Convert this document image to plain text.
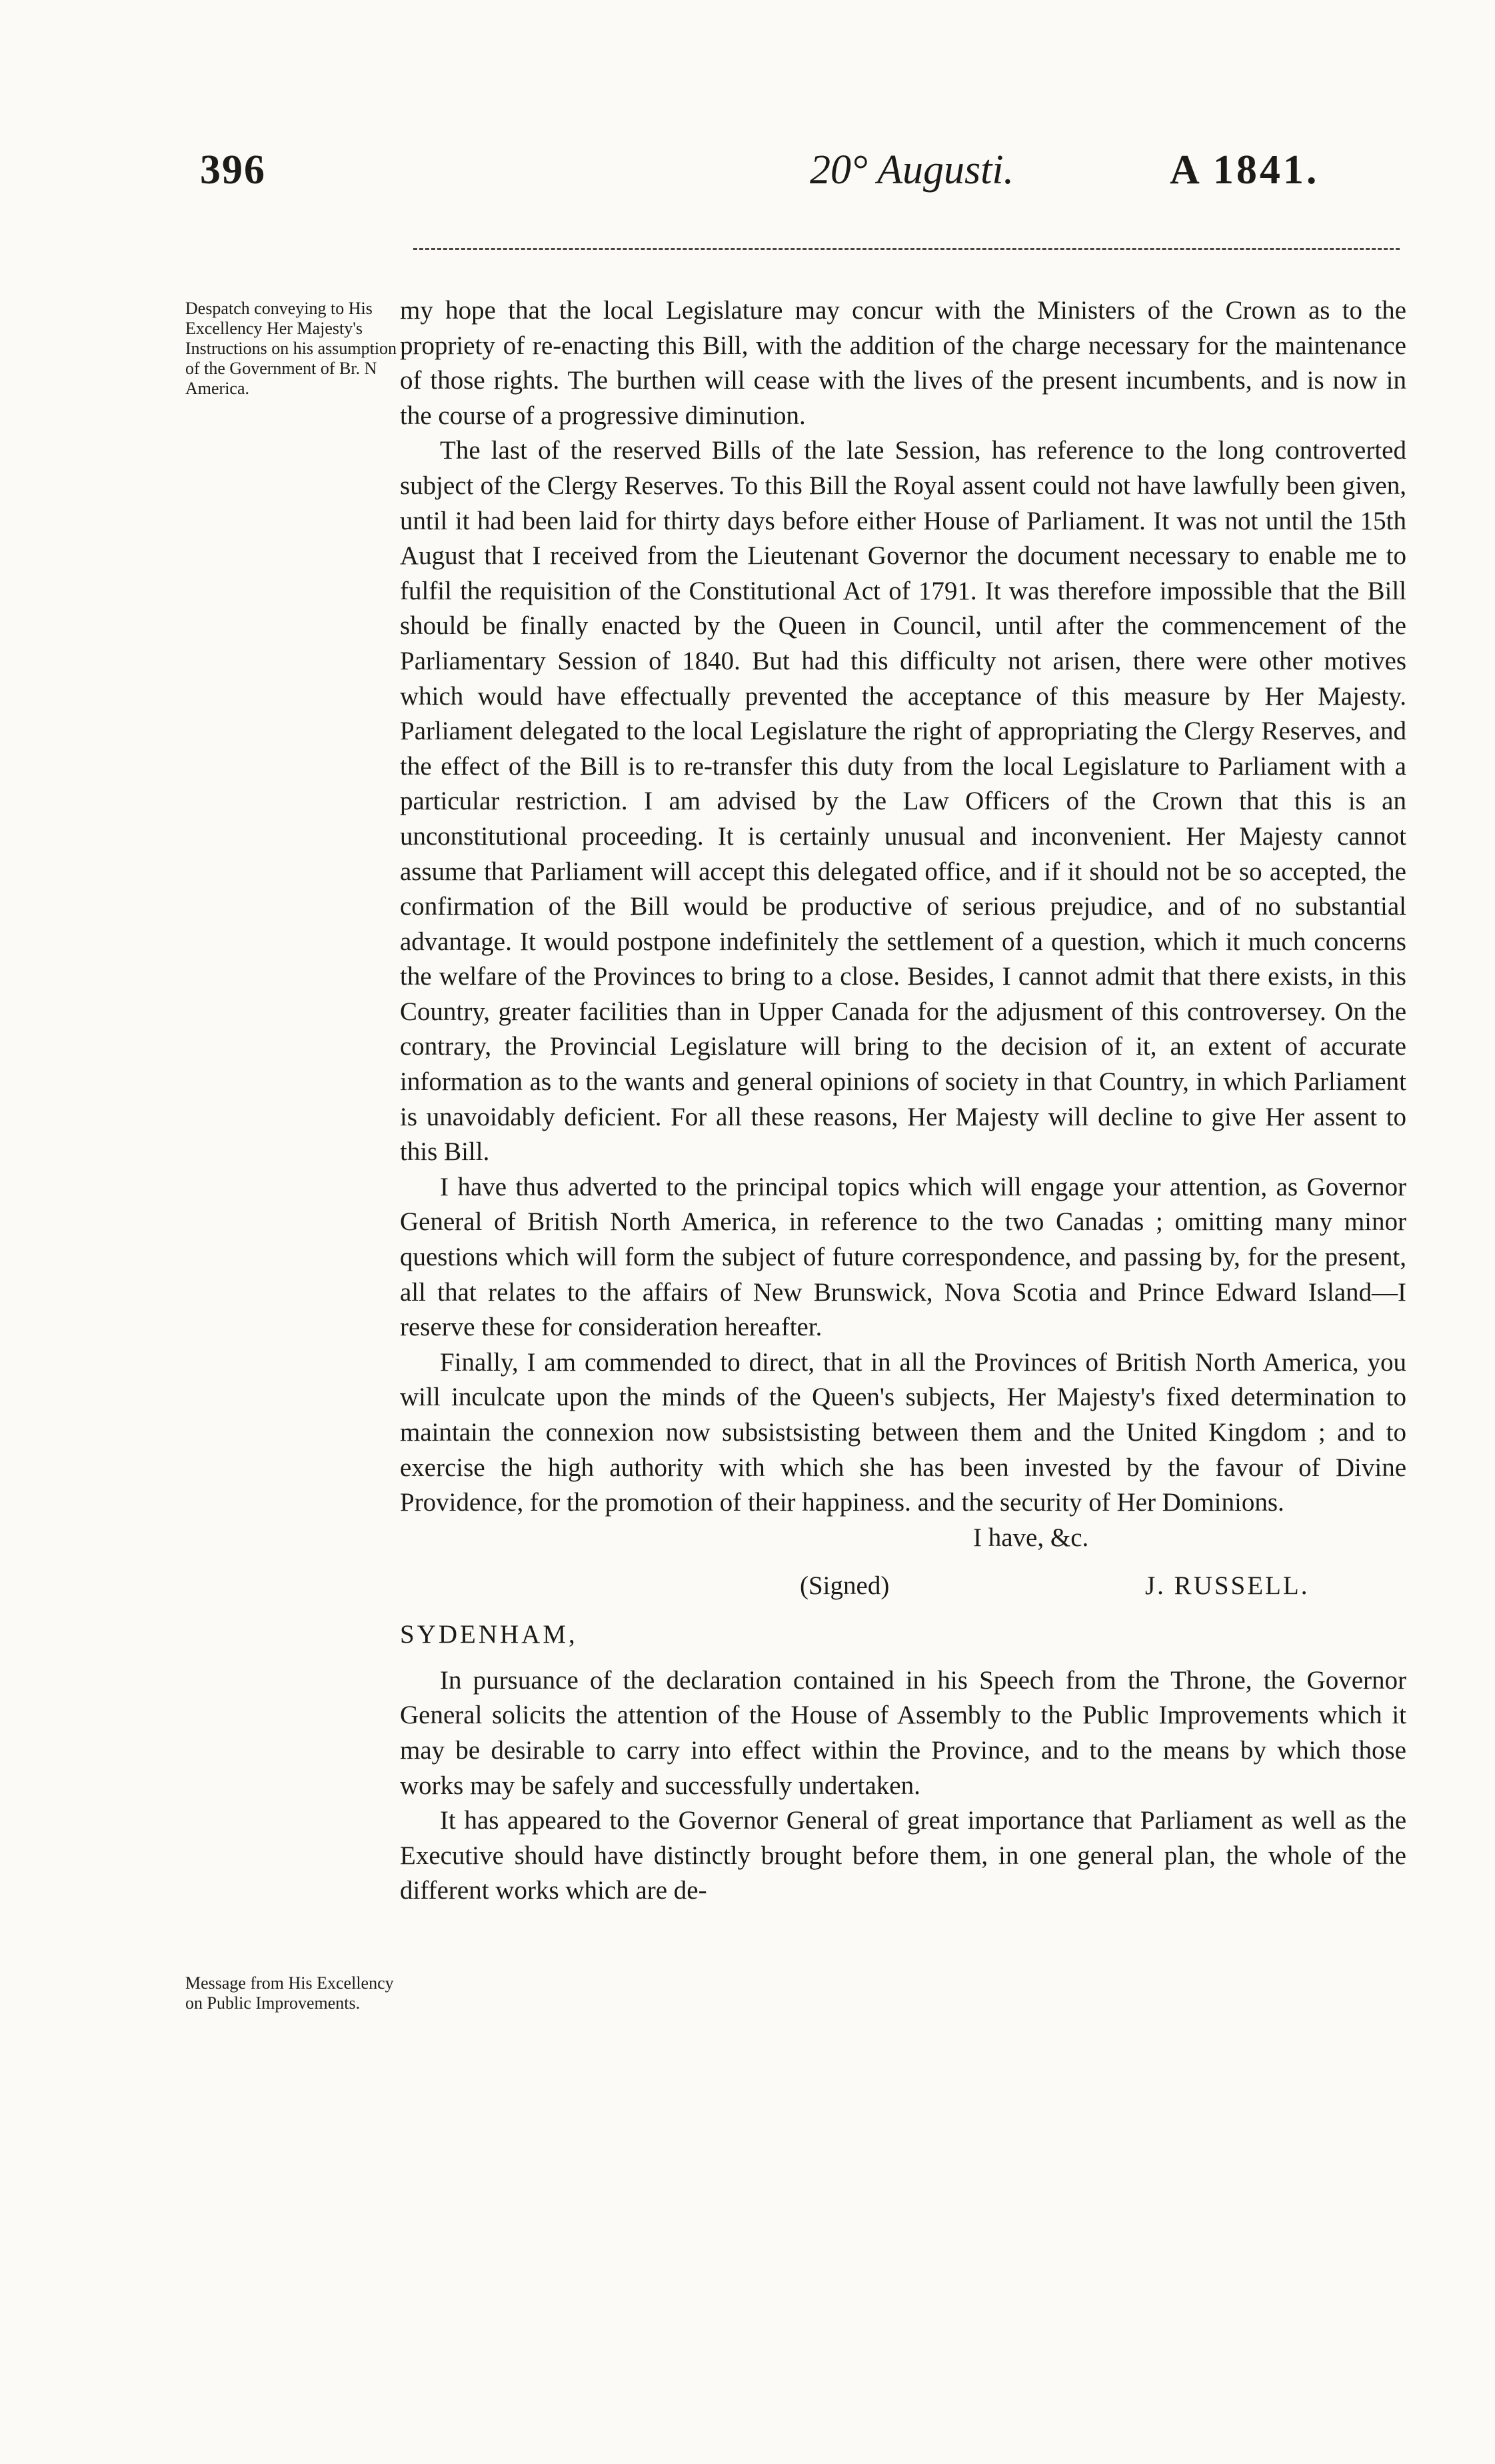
396	20° Augusti.	A 1841.
Despatch conveying to His Excellency Her Majesty's Instructions on his assumption of the Government of Br. N America.
Message from His Excellency on Public Improvements.

my hope that the local Legislature may concur with the Ministers of the Crown as to the propriety of re-enacting this Bill, with the addition of the charge necessary for the maintenance of those rights. The burthen will cease with the lives of the present incumbents, and is now in the course of a progressive diminution.

The last of the reserved Bills of the late Session, has reference to the long controverted subject of the Clergy Reserves. To this Bill the Royal assent could not have lawfully been given, until it had been laid for thirty days before either House of Parliament. It was not until the 15th August that I received from the Lieutenant Governor the document necessary to enable me to fulfil the requisition of the Constitutional Act of 1791. It was therefore impossible that the Bill should be finally enacted by the Queen in Council, until after the commencement of the Parliamentary Session of 1840. But had this difficulty not arisen, there were other motives which would have effectually prevented the acceptance of this measure by Her Majesty. Parliament delegated to the local Legislature the right of appropriating the Clergy Reserves, and the effect of the Bill is to re-transfer this duty from the local Legislature to Parliament with a particular restriction. I am advised by the Law Officers of the Crown that this is an unconstitutional proceeding. It is certainly unusual and inconvenient. Her Majesty cannot assume that Parliament will accept this delegated office, and if it should not be so accepted, the confirmation of the Bill would be productive of serious prejudice, and of no substantial advantage. It would postpone indefinitely the settlement of a question, which it much concerns the welfare of the Provinces to bring to a close. Besides, I cannot admit that there exists, in this Country, greater facilities than in Upper Canada for the adjusment of this controversey. On the contrary, the Provincial Legislature will bring to the decision of it, an extent of accurate information as to the wants and general opinions of society in that Country, in which Parliament is unavoidably deficient. For all these reasons, Her Majesty will decline to give Her assent to this Bill.

I have thus adverted to the principal topics which will engage your attention, as Governor General of British North America, in reference to the two Canadas ; omitting many minor questions which will form the subject of future correspondence, and passing by, for the present, all that relates to the affairs of New Brunswick, Nova Scotia and Prince Edward Island—I reserve these for consideration hereafter.

Finally, I am commended to direct, that in all the Provinces of British North America, you will inculcate upon the minds of the Queen's subjects, Her Majesty's fixed determination to maintain the connexion now subsistsisting between them and the United Kingdom ; and to exercise the high authority with which she has been invested by the favour of Divine Providence, for the promotion of their happiness. and the security of Her Dominions.

I have, &c.
(Signed)	J. RUSSELL.
SYDENHAM,

In pursuance of the declaration contained in his Speech from the Throne, the Governor General solicits the attention of the House of Assembly to the Public Improvements which it may be desirable to carry into effect within the Province, and to the means by which those works may be safely and successfully undertaken.

It has appeared to the Governor General of great importance that Parliament as well as the Executive should have distinctly brought before them, in one general plan, the whole of the different works which are de-
